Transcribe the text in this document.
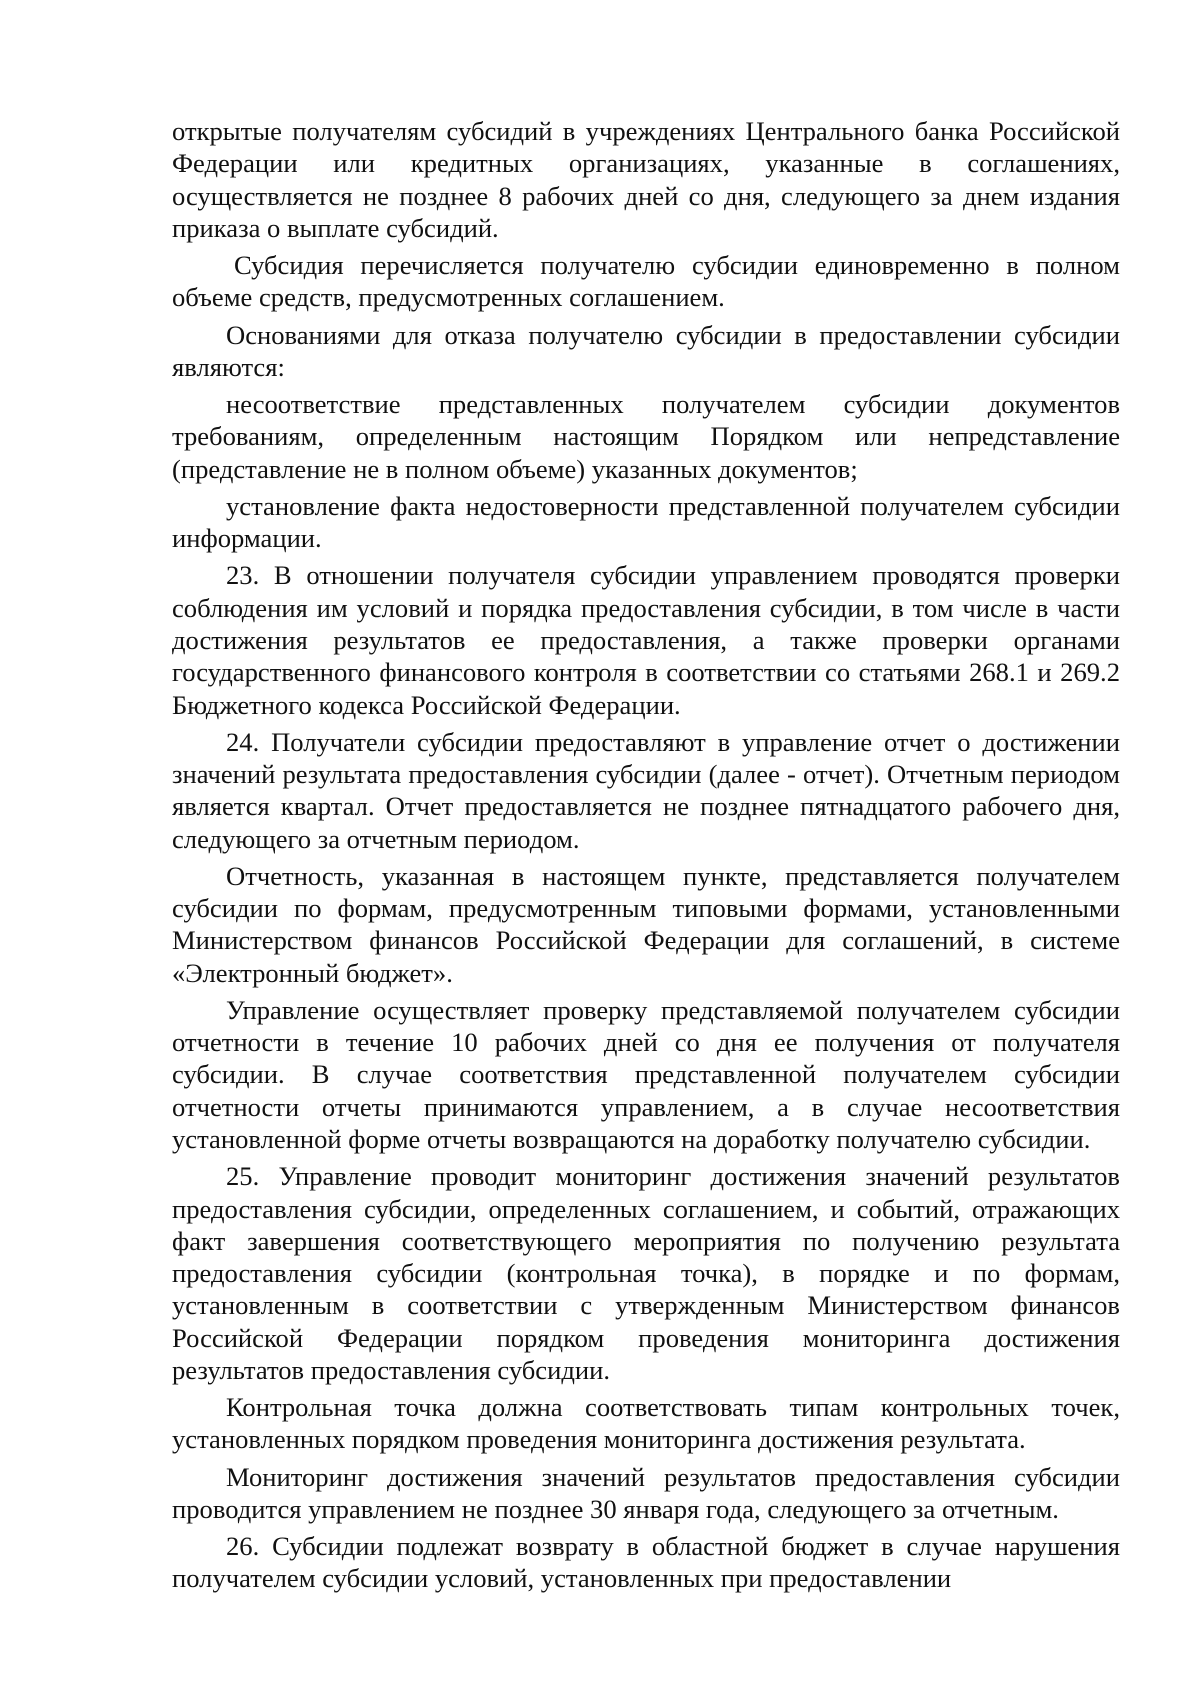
открытые получателям субсидий в учреждениях Центрального банка Российской Федерации или кредитных организациях, указанные в соглашениях, осуществляется не позднее 8 рабочих дней со дня, следующего за днем издания приказа о выплате субсидий.

Субсидия перечисляется получателю субсидии единовременно в полном объеме средств, предусмотренных соглашением.

Основаниями для отказа получателю субсидии в предоставлении субсидии являются:

несоответствие представленных получателем субсидии документов требованиям, определенным настоящим Порядком или непредставление (представление не в полном объеме) указанных документов;

установление факта недостоверности представленной получателем субсидии информации.

23. В отношении получателя субсидии управлением проводятся проверки соблюдения им условий и порядка предоставления субсидии, в том числе в части достижения результатов ее предоставления, а также проверки органами государственного финансового контроля в соответствии со статьями 268.1 и 269.2 Бюджетного кодекса Российской Федерации.

24. Получатели субсидии предоставляют в управление отчет о достижении значений результата предоставления субсидии (далее - отчет). Отчетным периодом является квартал. Отчет предоставляется не позднее пятнадцатого рабочего дня, следующего за отчетным периодом.

Отчетность, указанная в настоящем пункте, представляется получателем субсидии по формам, предусмотренным типовыми формами, установленными Министерством финансов Российской Федерации для соглашений, в системе «Электронный бюджет».

Управление осуществляет проверку представляемой получателем субсидии отчетности в течение 10 рабочих дней со дня ее получения от получателя субсидии. В случае соответствия представленной получателем субсидии отчетности отчеты принимаются управлением, а в случае несоответствия установленной форме отчеты возвращаются на доработку получателю субсидии.

25. Управление проводит мониторинг достижения значений результатов предоставления субсидии, определенных соглашением, и событий, отражающих факт завершения соответствующего мероприятия по получению результата предоставления субсидии (контрольная точка), в порядке и по формам, установленным в соответствии с утвержденным Министерством финансов Российской Федерации порядком проведения мониторинга достижения результатов предоставления субсидии.

Контрольная точка должна соответствовать типам контрольных точек, установленных порядком проведения мониторинга достижения результата.

Мониторинг достижения значений результатов предоставления субсидии проводится управлением не позднее 30 января года, следующего за отчетным.

26. Субсидии подлежат возврату в областной бюджет в случае нарушения получателем субсидии условий, установленных при предоставлении
